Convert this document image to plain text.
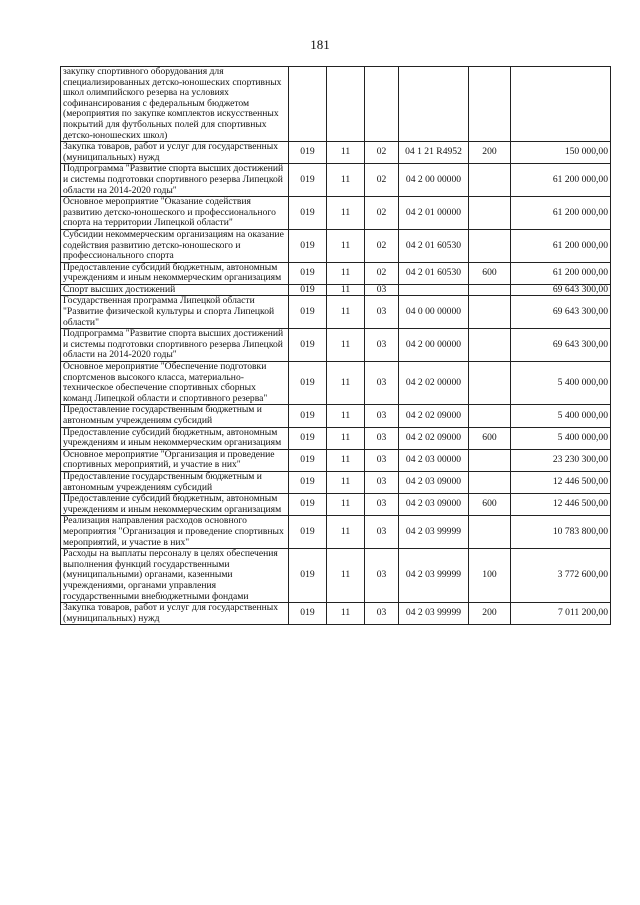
181
закупку спортивного оборудования для специализированных детско-юношеских спортивных школ олимпийского резерва на условиях софинансирования с федеральным бюджетом (мероприятия по закупке комплектов искусственных покрытий для футбольных полей для спортивных детско-юношеских школ)						
Закупка товаров, работ и услуг для государственных (муниципальных) нужд	019	11	02	04 1 21 R4952	200	150 000,00
Подпрограмма "Развитие спорта высших достижений и системы подготовки спортивного резерва Липецкой области на 2014-2020 годы"	019	11	02	04 2 00 00000		61 200 000,00
Основное мероприятие "Оказание содействия развитию детско-юношеского и профессионального спорта на территории Липецкой области"	019	11	02	04 2 01 00000		61 200 000,00
Субсидии некоммерческим организациям на оказание содействия развитию детско-юношеского и профессионального спорта	019	11	02	04 2 01 60530		61 200 000,00
Предоставление субсидий бюджетным, автономным учреждениям и иным некоммерческим организациям	019	11	02	04 2 01 60530	600	61 200 000,00
Спорт высших достижений	019	11	03			69 643 300,00
Государственная программа Липецкой области "Развитие физической культуры и спорта Липецкой области"	019	11	03	04 0 00 00000		69 643 300,00
Подпрограмма "Развитие спорта высших достижений и системы подготовки спортивного резерва Липецкой области на 2014-2020 годы"	019	11	03	04 2 00 00000		69 643 300,00
Основное мероприятие "Обеспечение подготовки спортсменов высокого класса, материально-техническое обеспечение спортивных сборных команд Липецкой области и спортивного резерва"	019	11	03	04 2 02 00000		5 400 000,00
Предоставление государственным бюджетным и автономным учреждениям субсидий	019	11	03	04 2 02 09000		5 400 000,00
Предоставление субсидий бюджетным, автономным учреждениям и иным некоммерческим организациям	019	11	03	04 2 02 09000	600	5 400 000,00
Основное мероприятие "Организация и проведение спортивных мероприятий, и участие в них"	019	11	03	04 2 03 00000		23 230 300,00
Предоставление государственным бюджетным и автономным учреждениям субсидий	019	11	03	04 2 03 09000		12 446 500,00
Предоставление субсидий бюджетным, автономным учреждениям и иным некоммерческим организациям	019	11	03	04 2 03 09000	600	12 446 500,00
Реализация направления расходов основного мероприятия "Организация и проведение спортивных мероприятий, и участие в них"	019	11	03	04 2 03 99999		10 783 800,00
Расходы на выплаты персоналу в целях обеспечения выполнения функций государственными (муниципальными) органами, казенными учреждениями, органами управления государственными внебюджетными фондами	019	11	03	04 2 03 99999	100	3 772 600,00
Закупка товаров, работ и услуг для государственных (муниципальных) нужд	019	11	03	04 2 03 99999	200	7 011 200,00
